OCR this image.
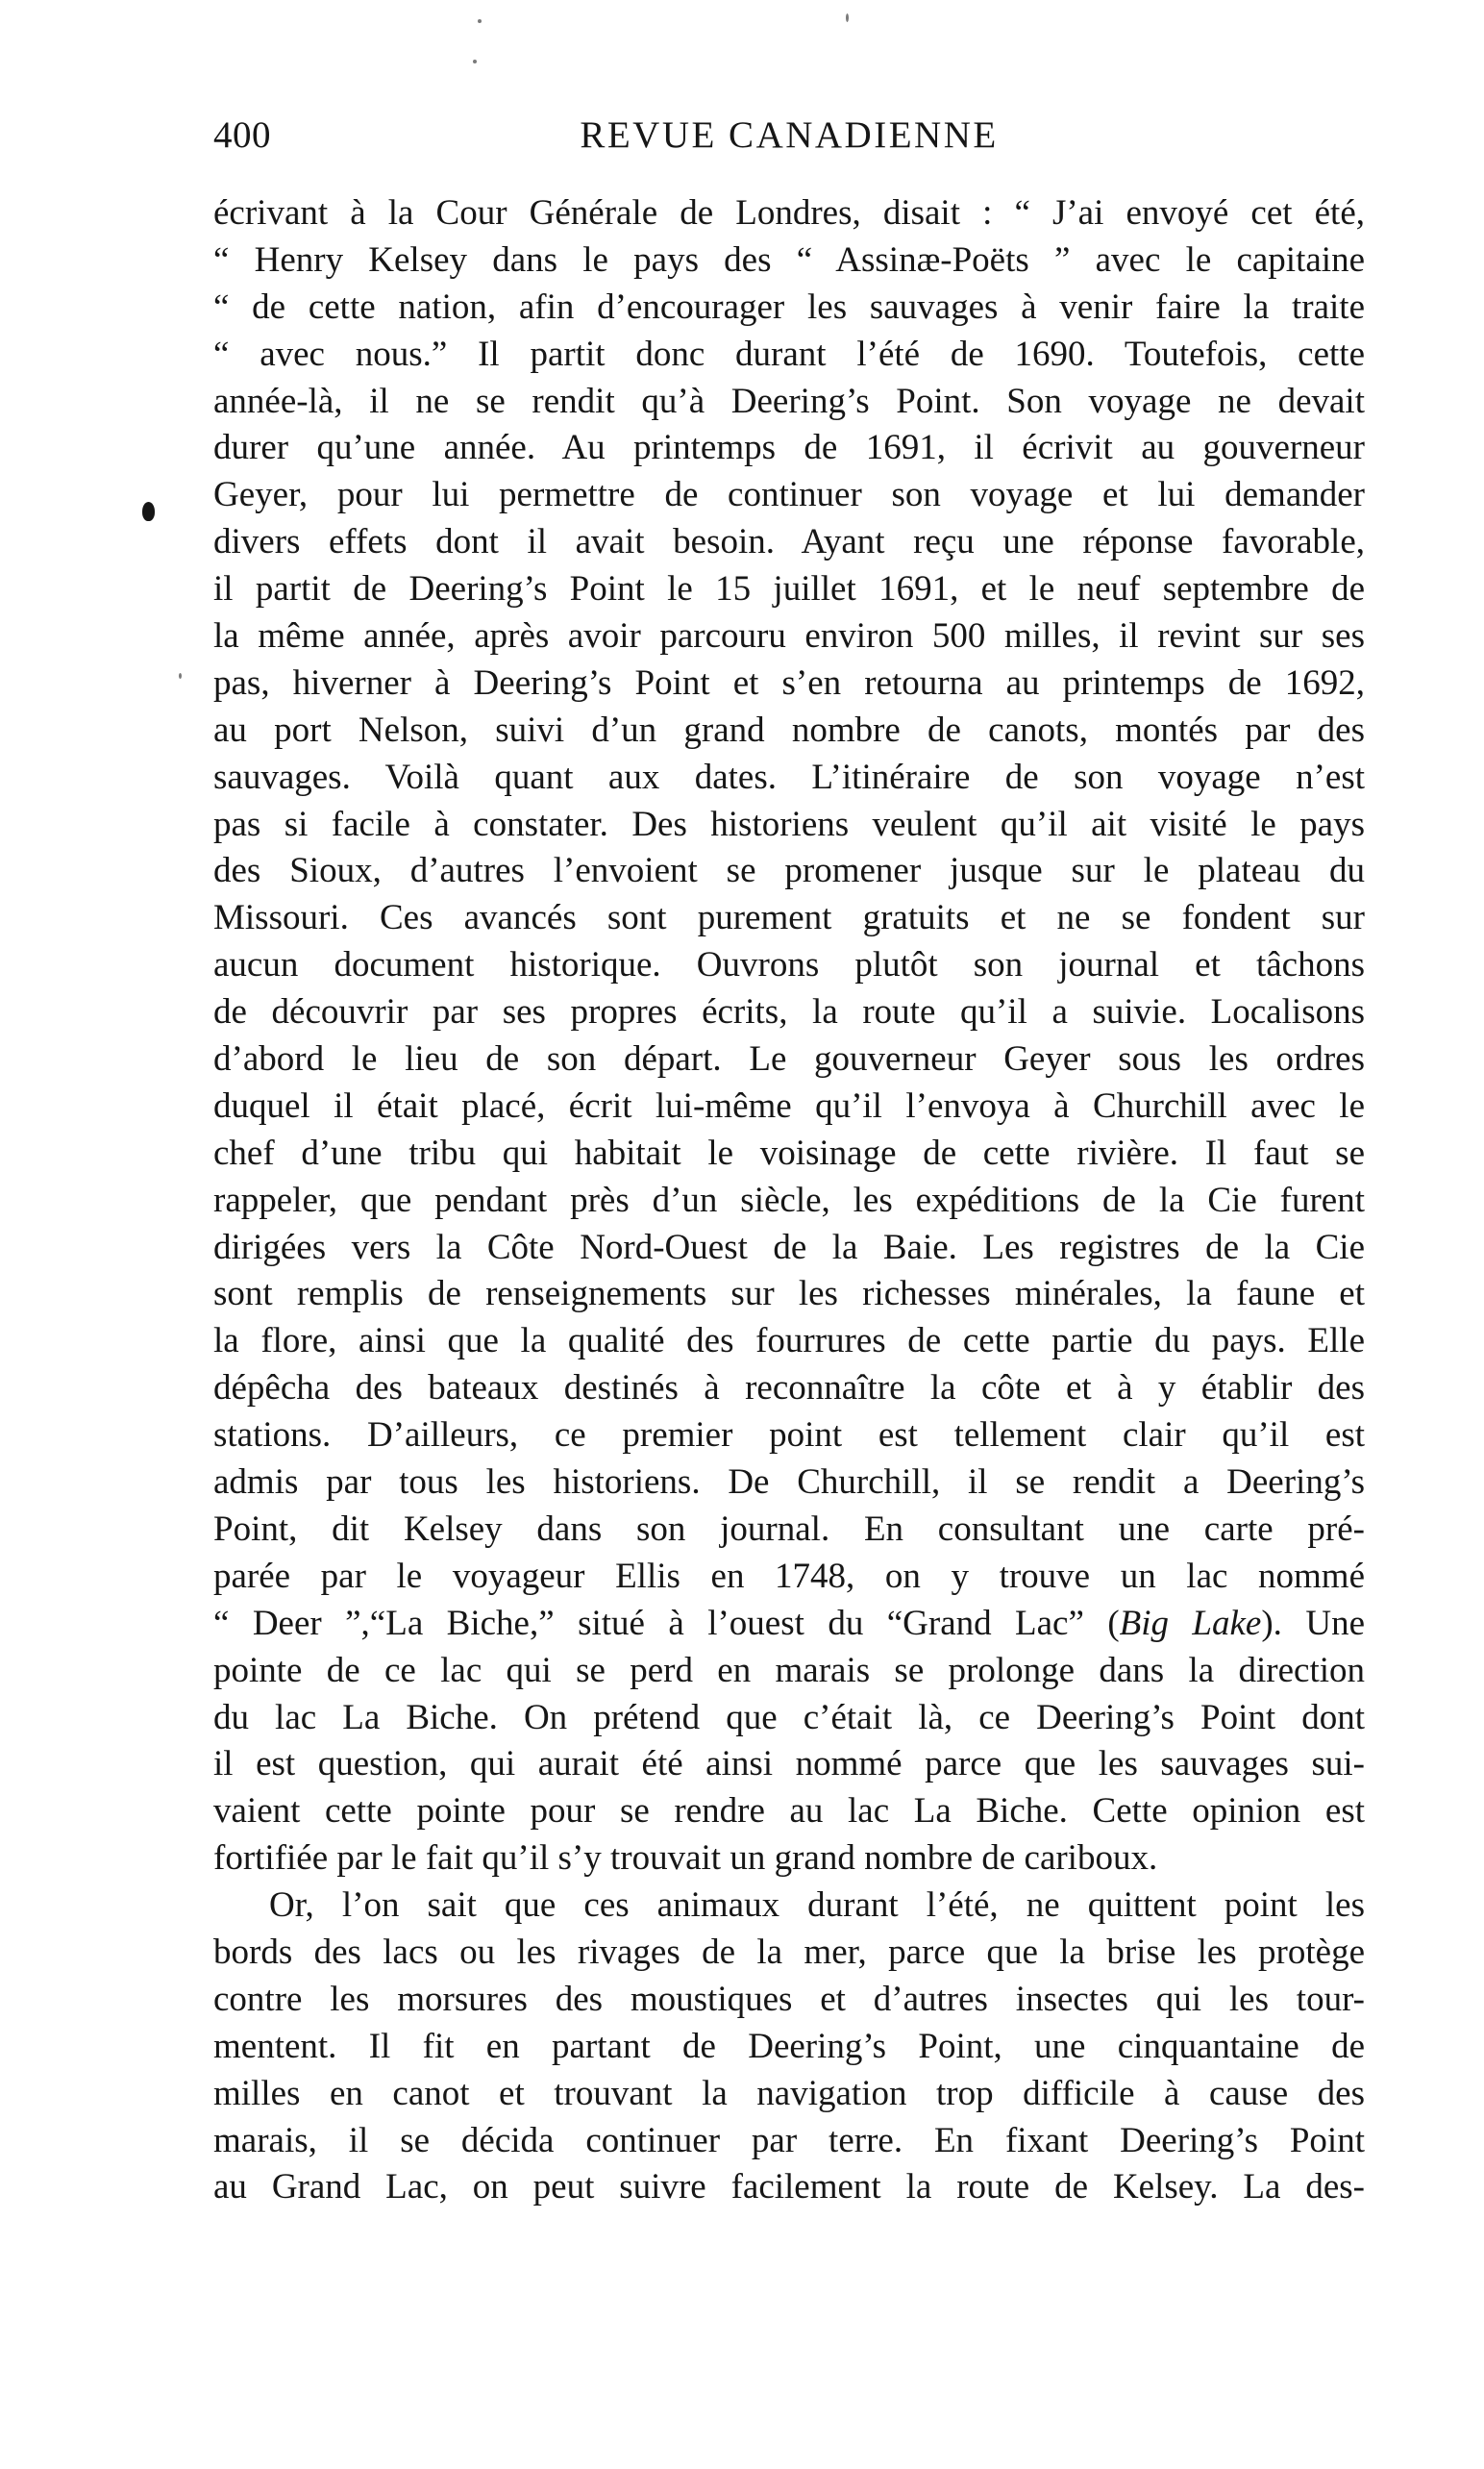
400	REVUE CANADIENNE
écrivant à la Cour Générale de Londres, disait : “ J’ai envoyé cet été,
“ Henry Kelsey dans le pays des “ Assinæ-Poëts ” avec le capitaine
“ de cette nation, afin d’encourager les sauvages à venir faire la traite
“ avec nous.” Il partit donc durant l’été de 1690. Toutefois, cette
année-là, il ne se rendit qu’à Deering’s Point. Son voyage ne devait
durer qu’une année. Au printemps de 1691, il écrivit au gouverneur
Geyer, pour lui permettre de continuer son voyage et lui demander
divers effets dont il avait besoin. Ayant reçu une réponse favorable,
il partit de Deering’s Point le 15 juillet 1691, et le neuf septembre de
la même année, après avoir parcouru environ 500 milles, il revint sur ses
pas, hiverner à Deering’s Point et s’en retourna au printemps de 1692,
au port Nelson, suivi d’un grand nombre de canots, montés par des
sauvages. Voilà quant aux dates. L’itinéraire de son voyage n’est
pas si facile à constater. Des historiens veulent qu’il ait visité le pays
des Sioux, d’autres l’envoient se promener jusque sur le plateau du
Missouri. Ces avancés sont purement gratuits et ne se fondent sur
aucun document historique. Ouvrons plutôt son journal et tâchons
de découvrir par ses propres écrits, la route qu’il a suivie. Localisons
d’abord le lieu de son départ. Le gouverneur Geyer sous les ordres
duquel il était placé, écrit lui-même qu’il l’envoya à Churchill avec le
chef d’une tribu qui habitait le voisinage de cette rivière. Il faut se
rappeler, que pendant près d’un siècle, les expéditions de la Cie furent
dirigées vers la Côte Nord-Ouest de la Baie. Les registres de la Cie
sont remplis de renseignements sur les richesses minérales, la faune et
la flore, ainsi que la qualité des fourrures de cette partie du pays. Elle
dépêcha des bateaux destinés à reconnaître la côte et à y établir des
stations. D’ailleurs, ce premier point est tellement clair qu’il est
admis par tous les historiens. De Churchill, il se rendit a Deering’s
Point, dit Kelsey dans son journal. En consultant une carte pré-
parée par le voyageur Ellis en 1748, on y trouve un lac nommé
“ Deer ”,“La Biche,” situé à l’ouest du “Grand Lac” (Big Lake). Une
pointe de ce lac qui se perd en marais se prolonge dans la direction
du lac La Biche. On prétend que c’était là, ce Deering’s Point dont
il est question, qui aurait été ainsi nommé parce que les sauvages sui-
vaient cette pointe pour se rendre au lac La Biche. Cette opinion est
fortifiée par le fait qu’il s’y trouvait un grand nombre de cariboux.
Or, l’on sait que ces animaux durant l’été, ne quittent point les
bords des lacs ou les rivages de la mer, parce que la brise les protège
contre les morsures des moustiques et d’autres insectes qui les tour-
mentent. Il fit en partant de Deering’s Point, une cinquantaine de
milles en canot et trouvant la navigation trop difficile à cause des
marais, il se décida continuer par terre. En fixant Deering’s Point
au Grand Lac, on peut suivre facilement la route de Kelsey. La des-
